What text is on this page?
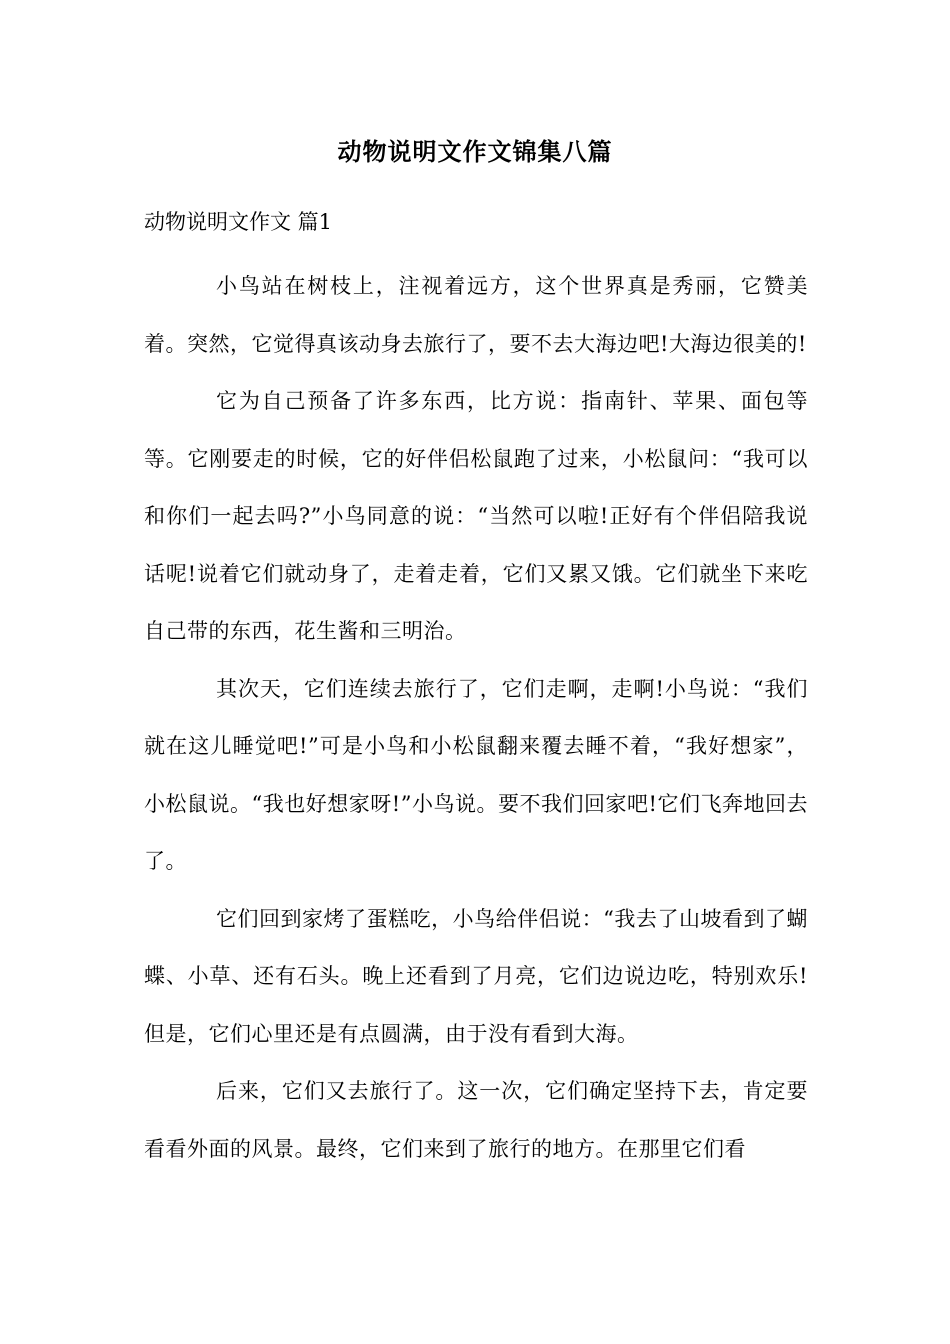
动物说明文作文锦集八篇
动物说明文作文 篇1

小鸟站在树枝上，注视着远方，这个世界真是秀丽，它赞美着。突然，它觉得真该动身去旅行了，要不去大海边吧!大海边很美的!

它为自己预备了许多东西，比方说：指南针、苹果、面包等等。它刚要走的时候，它的好伴侣松鼠跑了过来，小松鼠问：“我可以和你们一起去吗?”小鸟同意的说：“当然可以啦!正好有个伴侣陪我说话呢!说着它们就动身了，走着走着，它们又累又饿。它们就坐下来吃自己带的东西，花生酱和三明治。

其次天，它们连续去旅行了，它们走啊，走啊!小鸟说：“我们就在这儿睡觉吧!”可是小鸟和小松鼠翻来覆去睡不着，“我好想家”，小松鼠说。“我也好想家呀!”小鸟说。要不我们回家吧!它们飞奔地回去了。

它们回到家烤了蛋糕吃，小鸟给伴侣说：“我去了山坡看到了蝴蝶、小草、还有石头。晚上还看到了月亮，它们边说边吃，特别欢乐!但是，它们心里还是有点圆满，由于没有看到大海。

后来，它们又去旅行了。这一次，它们确定坚持下去，肯定要看看外面的风景。最终，它们来到了旅行的地方。在那里它们看
